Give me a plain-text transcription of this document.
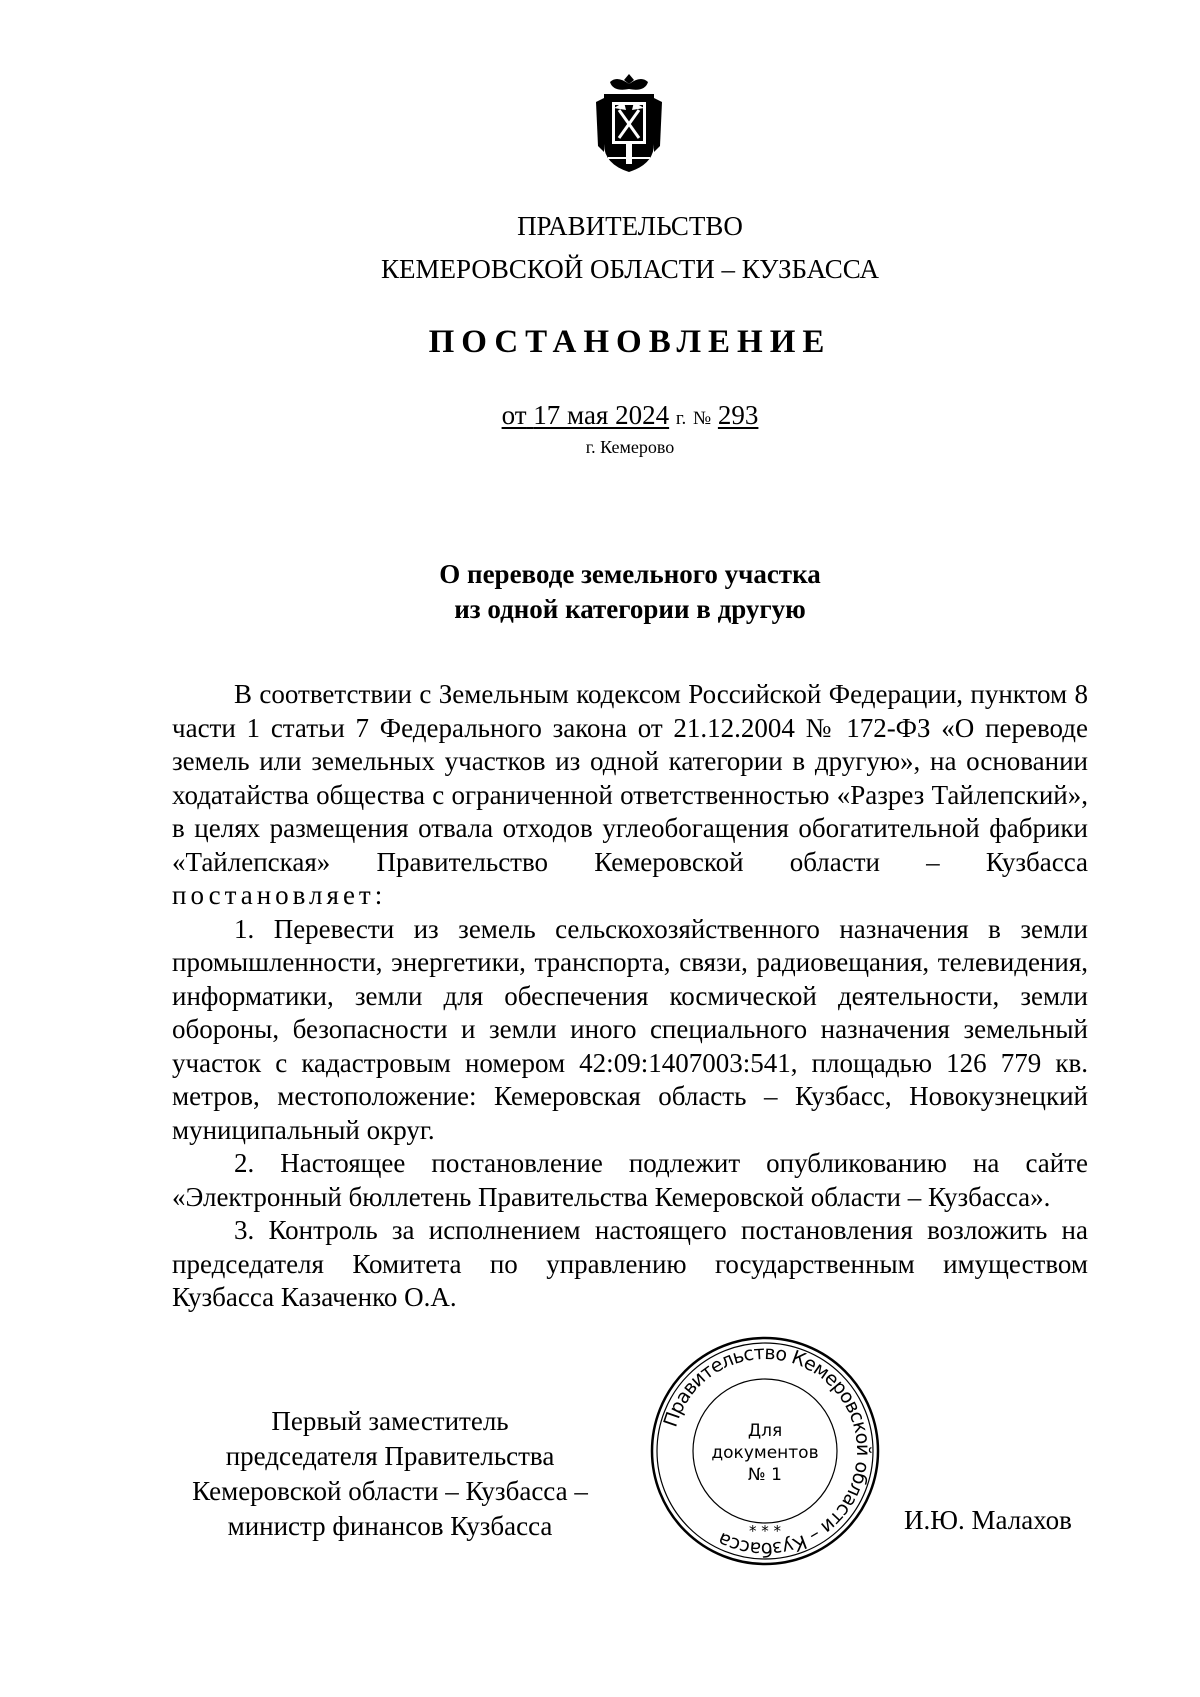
ПРАВИТЕЛЬСТВО
КЕМЕРОВСКОЙ ОБЛАСТИ – КУЗБАССА
ПОСТАНОВЛЕНИЕ
от 17 мая 2024 г. № 293
г. Кемерово
О переводе земельного участка
из одной категории в другую

В соответствии с Земельным кодексом Российской Федерации, пунктом 8 части 1 статьи 7 Федерального закона от 21.12.2004 № 172-ФЗ «О переводе земель или земельных участков из одной категории в другую», на основании ходатайства общества с ограниченной ответственностью «Разрез Тайлепский», в целях размещения отвала отходов углеобогащения обогатительной фабрики «Тайлепская» Правительство Кемеровской области – Кузбасса постановляет:

1. Перевести из земель сельскохозяйственного назначения в земли промышленности, энергетики, транспорта, связи, радиовещания, телевидения, информатики, земли для обеспечения космической деятельности, земли обороны, безопасности и земли иного специального назначения земельный участок с кадастровым номером 42:09:1407003:541, площадью 126 779 кв. метров, местоположение: Кемеровская область – Кузбасс, Новокузнецкий муниципальный округ.

2. Настоящее постановление подлежит опубликованию на сайте «Электронный бюллетень Правительства Кемеровской области – Кузбасса».

3. Контроль за исполнением настоящего постановления возложить на председателя Комитета по управлению государственным имуществом Кузбасса Казаченко О.А.

Первый заместитель
председателя Правительства
Кемеровской области – Кузбасса –
министр финансов Кузбасса
Правительство Кемеровской области – Кузбасса * * *
Для
документов
№ 1
И.Ю. Малахов
